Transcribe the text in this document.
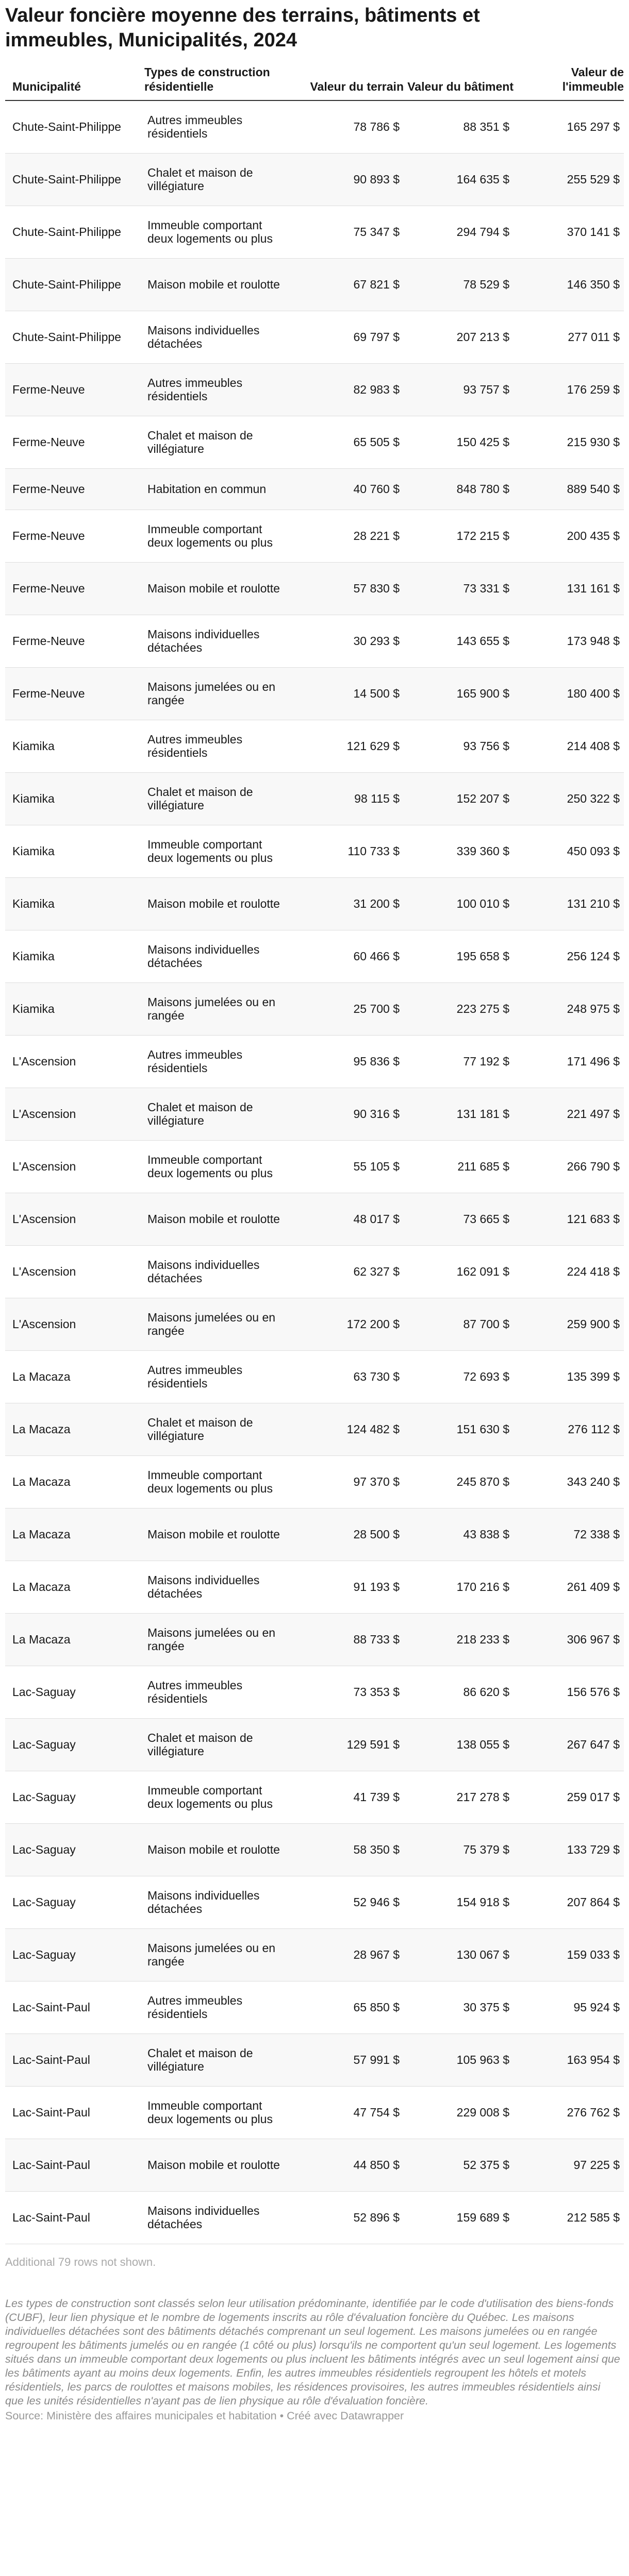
Valeur foncière moyenne des terrains, bâtiments et immeubles, Municipalités, 2024
Municipalité	Types de construction résidentielle	Valeur du terrain	Valeur du bâtiment	Valeur de l'immeuble
Chute-Saint-Philippe	Autres immeubles résidentiels	78 786 $	88 351 $	165 297 $
Chute-Saint-Philippe	Chalet et maison de villégiature	90 893 $	164 635 $	255 529 $
Chute-Saint-Philippe	Immeuble comportant deux logements ou plus	75 347 $	294 794 $	370 141 $
Chute-Saint-Philippe	Maison mobile et roulotte	67 821 $	78 529 $	146 350 $
Chute-Saint-Philippe	Maisons individuelles détachées	69 797 $	207 213 $	277 011 $
Ferme-Neuve	Autres immeubles résidentiels	82 983 $	93 757 $	176 259 $
Ferme-Neuve	Chalet et maison de villégiature	65 505 $	150 425 $	215 930 $
Ferme-Neuve	Habitation en commun	40 760 $	848 780 $	889 540 $
Ferme-Neuve	Immeuble comportant deux logements ou plus	28 221 $	172 215 $	200 435 $
Ferme-Neuve	Maison mobile et roulotte	57 830 $	73 331 $	131 161 $
Ferme-Neuve	Maisons individuelles détachées	30 293 $	143 655 $	173 948 $
Ferme-Neuve	Maisons jumelées ou en rangée	14 500 $	165 900 $	180 400 $
Kiamika	Autres immeubles résidentiels	121 629 $	93 756 $	214 408 $
Kiamika	Chalet et maison de villégiature	98 115 $	152 207 $	250 322 $
Kiamika	Immeuble comportant deux logements ou plus	110 733 $	339 360 $	450 093 $
Kiamika	Maison mobile et roulotte	31 200 $	100 010 $	131 210 $
Kiamika	Maisons individuelles détachées	60 466 $	195 658 $	256 124 $
Kiamika	Maisons jumelées ou en rangée	25 700 $	223 275 $	248 975 $
L'Ascension	Autres immeubles résidentiels	95 836 $	77 192 $	171 496 $
L'Ascension	Chalet et maison de villégiature	90 316 $	131 181 $	221 497 $
L'Ascension	Immeuble comportant deux logements ou plus	55 105 $	211 685 $	266 790 $
L'Ascension	Maison mobile et roulotte	48 017 $	73 665 $	121 683 $
L'Ascension	Maisons individuelles détachées	62 327 $	162 091 $	224 418 $
L'Ascension	Maisons jumelées ou en rangée	172 200 $	87 700 $	259 900 $
La Macaza	Autres immeubles résidentiels	63 730 $	72 693 $	135 399 $
La Macaza	Chalet et maison de villégiature	124 482 $	151 630 $	276 112 $
La Macaza	Immeuble comportant deux logements ou plus	97 370 $	245 870 $	343 240 $
La Macaza	Maison mobile et roulotte	28 500 $	43 838 $	72 338 $
La Macaza	Maisons individuelles détachées	91 193 $	170 216 $	261 409 $
La Macaza	Maisons jumelées ou en rangée	88 733 $	218 233 $	306 967 $
Lac-Saguay	Autres immeubles résidentiels	73 353 $	86 620 $	156 576 $
Lac-Saguay	Chalet et maison de villégiature	129 591 $	138 055 $	267 647 $
Lac-Saguay	Immeuble comportant deux logements ou plus	41 739 $	217 278 $	259 017 $
Lac-Saguay	Maison mobile et roulotte	58 350 $	75 379 $	133 729 $
Lac-Saguay	Maisons individuelles détachées	52 946 $	154 918 $	207 864 $
Lac-Saguay	Maisons jumelées ou en rangée	28 967 $	130 067 $	159 033 $
Lac-Saint-Paul	Autres immeubles résidentiels	65 850 $	30 375 $	95 924 $
Lac-Saint-Paul	Chalet et maison de villégiature	57 991 $	105 963 $	163 954 $
Lac-Saint-Paul	Immeuble comportant deux logements ou plus	47 754 $	229 008 $	276 762 $
Lac-Saint-Paul	Maison mobile et roulotte	44 850 $	52 375 $	97 225 $
Lac-Saint-Paul	Maisons individuelles détachées	52 896 $	159 689 $	212 585 $
Additional 79 rows not shown.
Les types de construction sont classés selon leur utilisation prédominante, identifiée par le code d'utilisation des biens-fonds (CUBF), leur lien physique et le nombre de logements inscrits au rôle d'évaluation foncière du Québec. Les maisons individuelles détachées sont des bâtiments détachés comprenant un seul logement. Les maisons jumelées ou en rangée regroupent les bâtiments jumelés ou en rangée (1 côté ou plus) lorsqu'ils ne comportent qu'un seul logement. Les logements situés dans un immeuble comportant deux logements ou plus incluent les bâtiments intégrés avec un seul logement ainsi que les bâtiments ayant au moins deux logements. Enfin, les autres immeubles résidentiels regroupent les hôtels et motels résidentiels, les parcs de roulottes et maisons mobiles, les résidences provisoires, les autres immeubles résidentiels ainsi que les unités résidentielles n'ayant pas de lien physique au rôle d'évaluation foncière.
Source: Ministère des affaires municipales et habitation • Créé avec Datawrapper
